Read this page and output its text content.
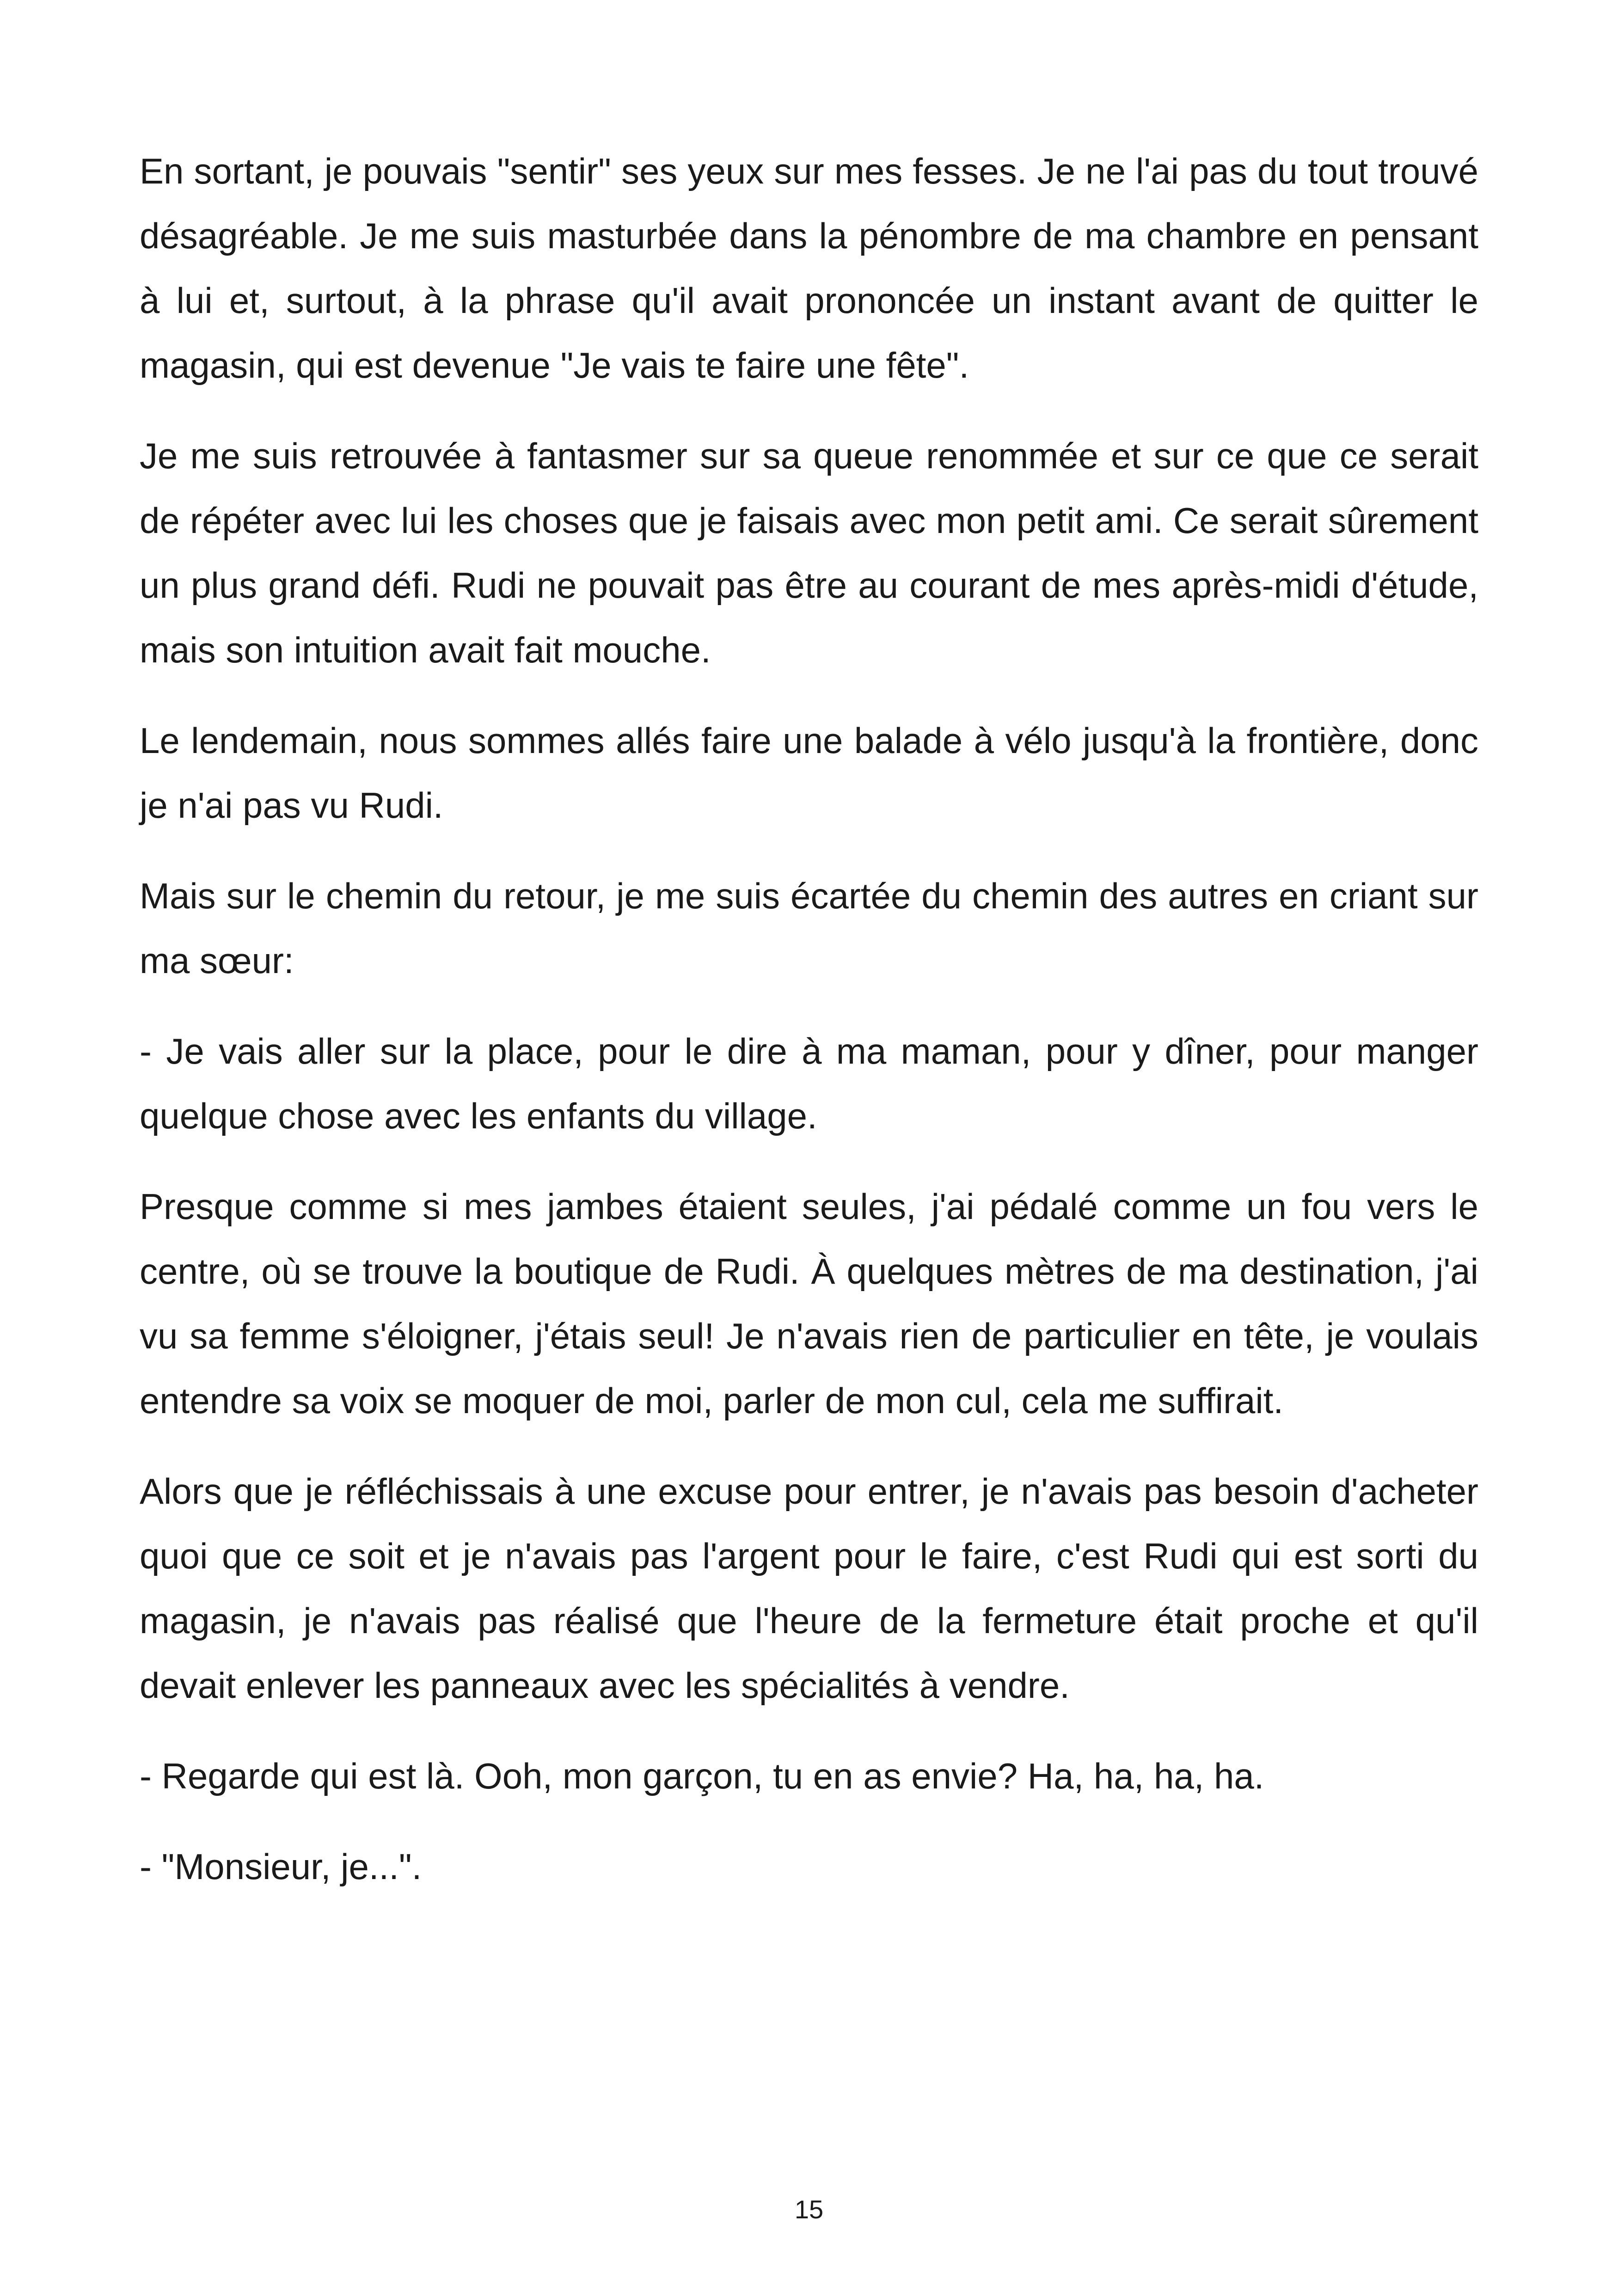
En sortant, je pouvais "sentir" ses yeux sur mes fesses. Je ne l'ai pas du tout trouvé désagréable. Je me suis masturbée dans la pénombre de ma chambre en pensant à lui et, surtout, à la phrase qu'il avait prononcée un instant avant de quitter le magasin, qui est devenue "Je vais te faire une fête".

Je me suis retrouvée à fantasmer sur sa queue renommée et sur ce que ce serait de répéter avec lui les choses que je faisais avec mon petit ami. Ce serait sûrement un plus grand défi. Rudi ne pouvait pas être au courant de mes après-midi d'étude, mais son intuition avait fait mouche.

Le lendemain, nous sommes allés faire une balade à vélo jusqu'à la frontière, donc je n'ai pas vu Rudi.

Mais sur le chemin du retour, je me suis écartée du chemin des autres en criant sur ma sœur:

- Je vais aller sur la place, pour le dire à ma maman, pour y dîner, pour manger quelque chose avec les enfants du village.

Presque comme si mes jambes étaient seules, j'ai pédalé comme un fou vers le centre, où se trouve la boutique de Rudi. À quelques mètres de ma destination, j'ai vu sa femme s'éloigner, j'étais seul! Je n'avais rien de particulier en tête, je voulais entendre sa voix se moquer de moi, parler de mon cul, cela me suffirait.

Alors que je réfléchissais à une excuse pour entrer, je n'avais pas besoin d'acheter quoi que ce soit et je n'avais pas l'argent pour le faire, c'est Rudi qui est sorti du magasin, je n'avais pas réalisé que l'heure de la fermeture était proche et qu'il devait enlever les panneaux avec les spécialités à vendre.

- Regarde qui est là. Ooh, mon garçon, tu en as envie? Ha, ha, ha, ha.

- "Monsieur, je...".

15
